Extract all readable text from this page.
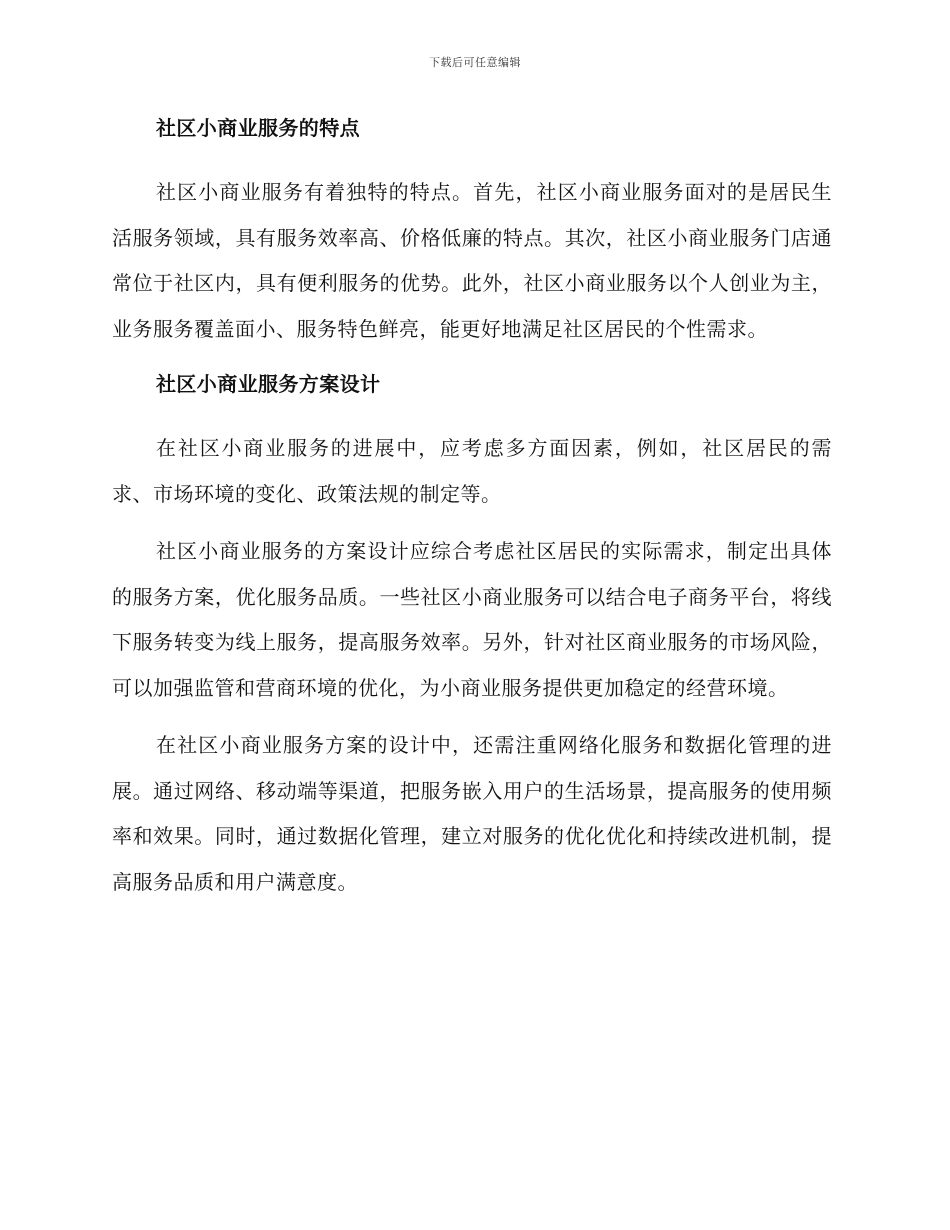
下载后可任意编辑
社区小商业服务的特点

社区小商业服务有着独特的特点。首先，社区小商业服务面对的是居民生活服务领域，具有服务效率高、价格低廉的特点。其次，社区小商业服务门店通常位于社区内，具有便利服务的优势。此外，社区小商业服务以个人创业为主，业务服务覆盖面小、服务特色鲜亮，能更好地满足社区居民的个性需求。

社区小商业服务方案设计

在社区小商业服务的进展中，应考虑多方面因素，例如，社区居民的需求、市场环境的变化、政策法规的制定等。

社区小商业服务的方案设计应综合考虑社区居民的实际需求，制定出具体的服务方案，优化服务品质。一些社区小商业服务可以结合电子商务平台，将线下服务转变为线上服务，提高服务效率。另外，针对社区商业服务的市场风险，可以加强监管和营商环境的优化，为小商业服务提供更加稳定的经营环境。

在社区小商业服务方案的设计中，还需注重网络化服务和数据化管理的进展。通过网络、移动端等渠道，把服务嵌入用户的生活场景，提高服务的使用频率和效果。同时，通过数据化管理，建立对服务的优化优化和持续改进机制，提高服务品质和用户满意度。
